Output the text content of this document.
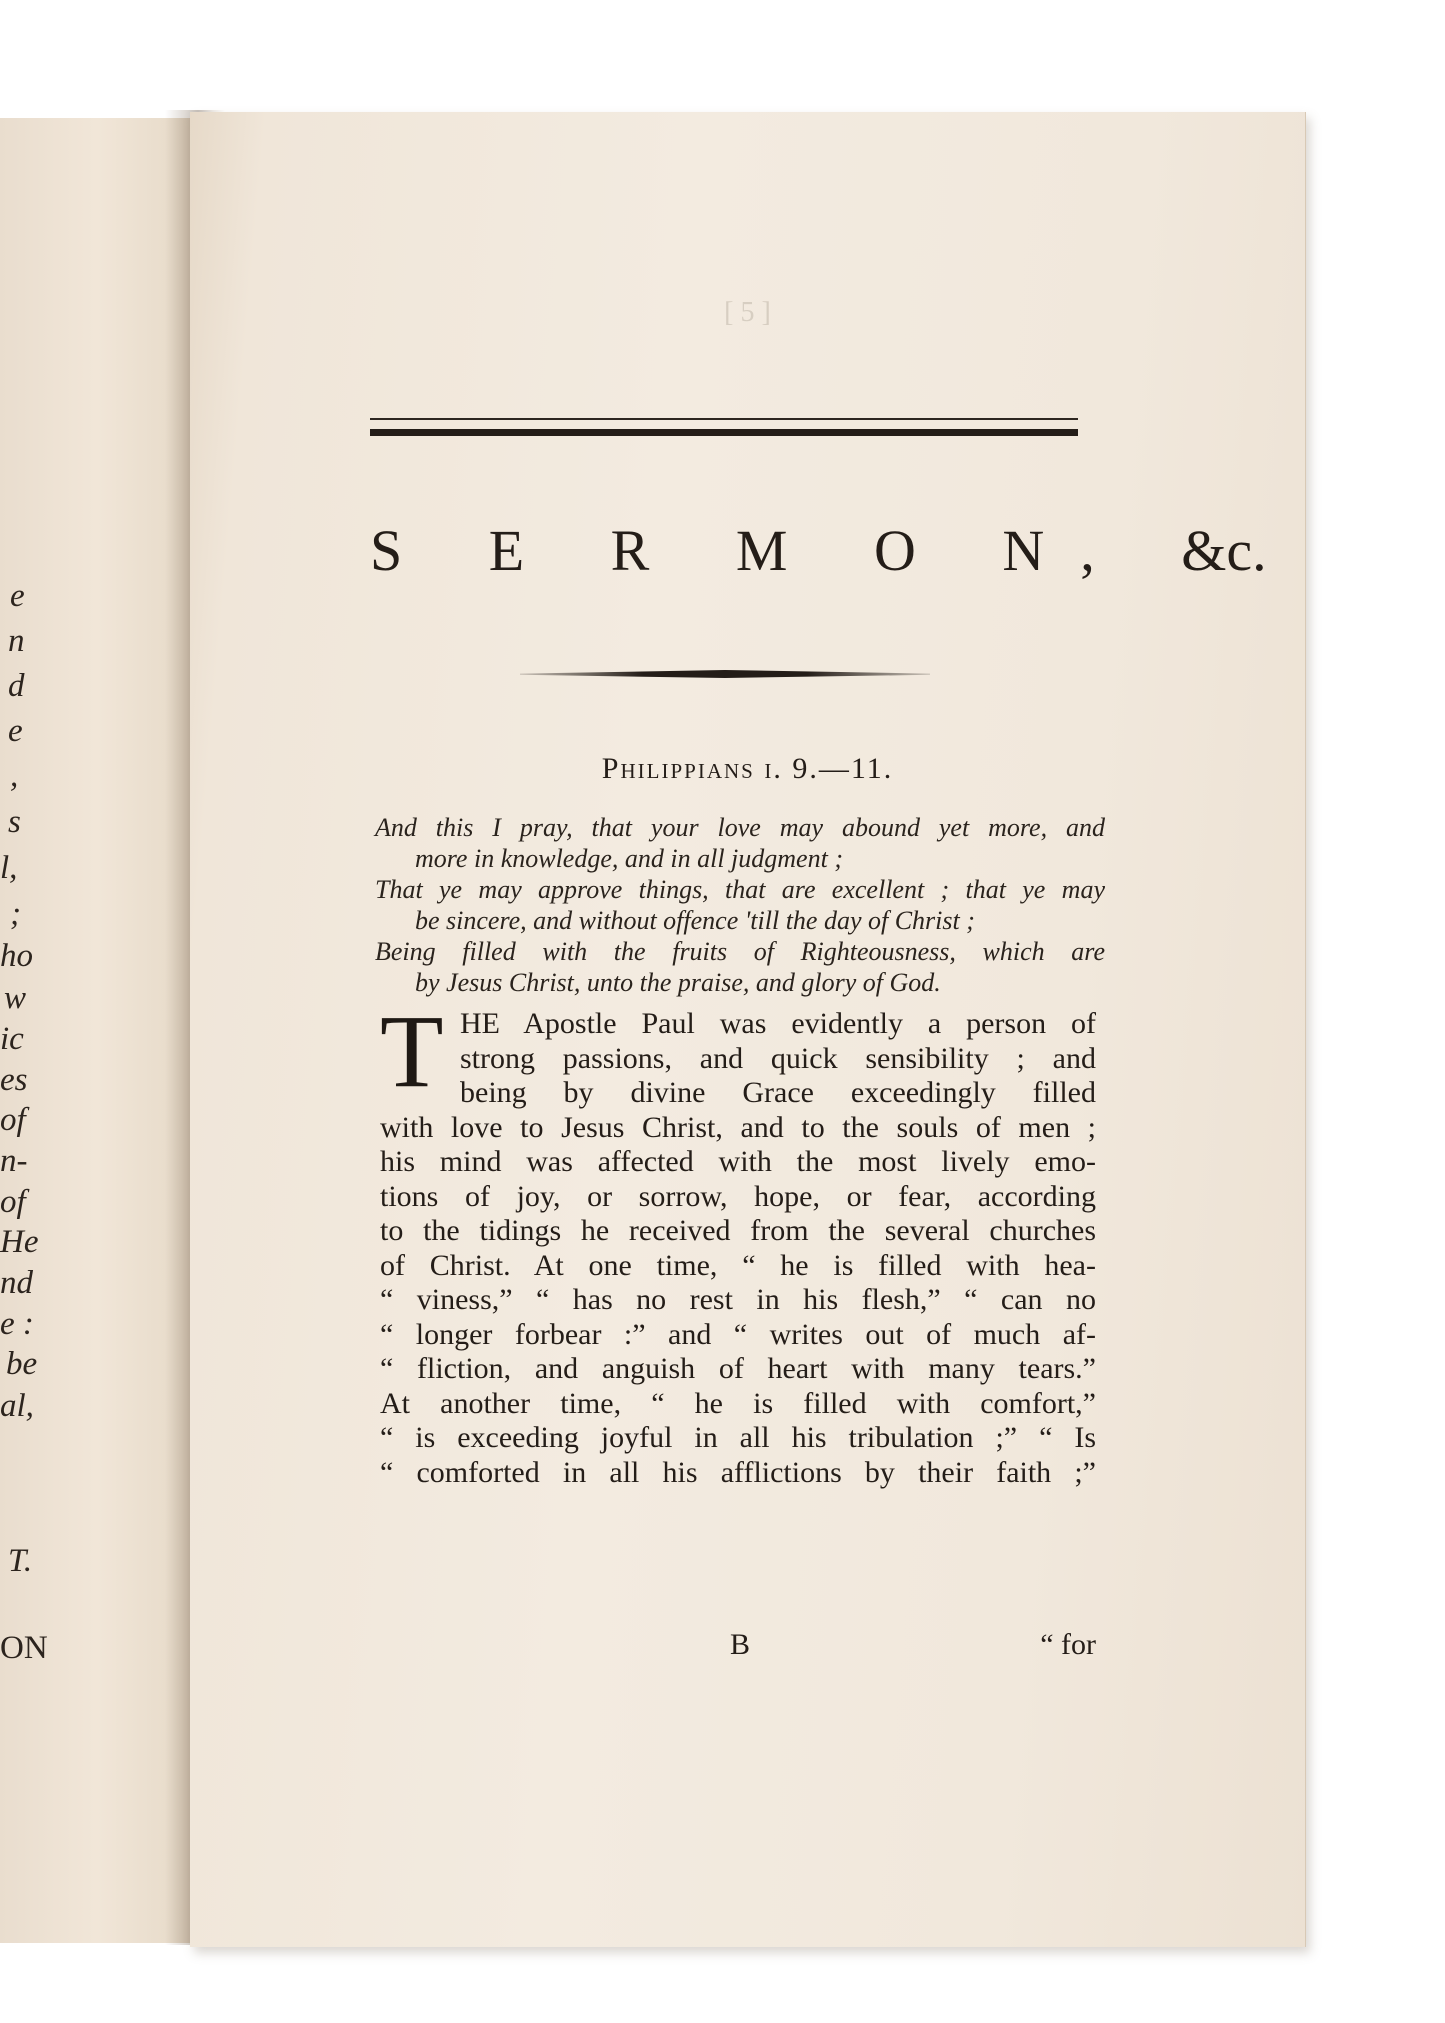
e
n
d
e
,
s
l,
;
ho
w
ic
es
of
n-
of
He
nd
e :
be
al,
T.
ON
[ 5 ]
S E R M O N, &c.
Philippians i. 9.—11.
And this I pray, that your love may abound yet more, and
more in knowledge, and in all judgment ;
That ye may approve things, that are excellent ; that ye may
be sincere, and without offence 'till the day of Christ ;
Being filled with the fruits of Righteousness, which are
by Jesus Christ, unto the praise, and glory of God.
T HE Apostle Paul was evidently a person of
strong passions, and quick sensibility ; and
being by divine Grace exceedingly filled
with love to Jesus Christ, and to the souls of men ;
his mind was affected with the most lively emo-
tions of joy, or sorrow, hope, or fear, according
to the tidings he received from the several churches
of Christ. At one time, “ he is filled with hea-
“ viness,” “ has no rest in his flesh,” “ can no
“ longer forbear :” and “ writes out of much af-
“ fliction, and anguish of heart with many tears.”
At another time, “ he is filled with comfort,”
“ is exceeding joyful in all his tribulation ;” “ Is
“ comforted in all his afflictions by their faith ;”
B	“ for
